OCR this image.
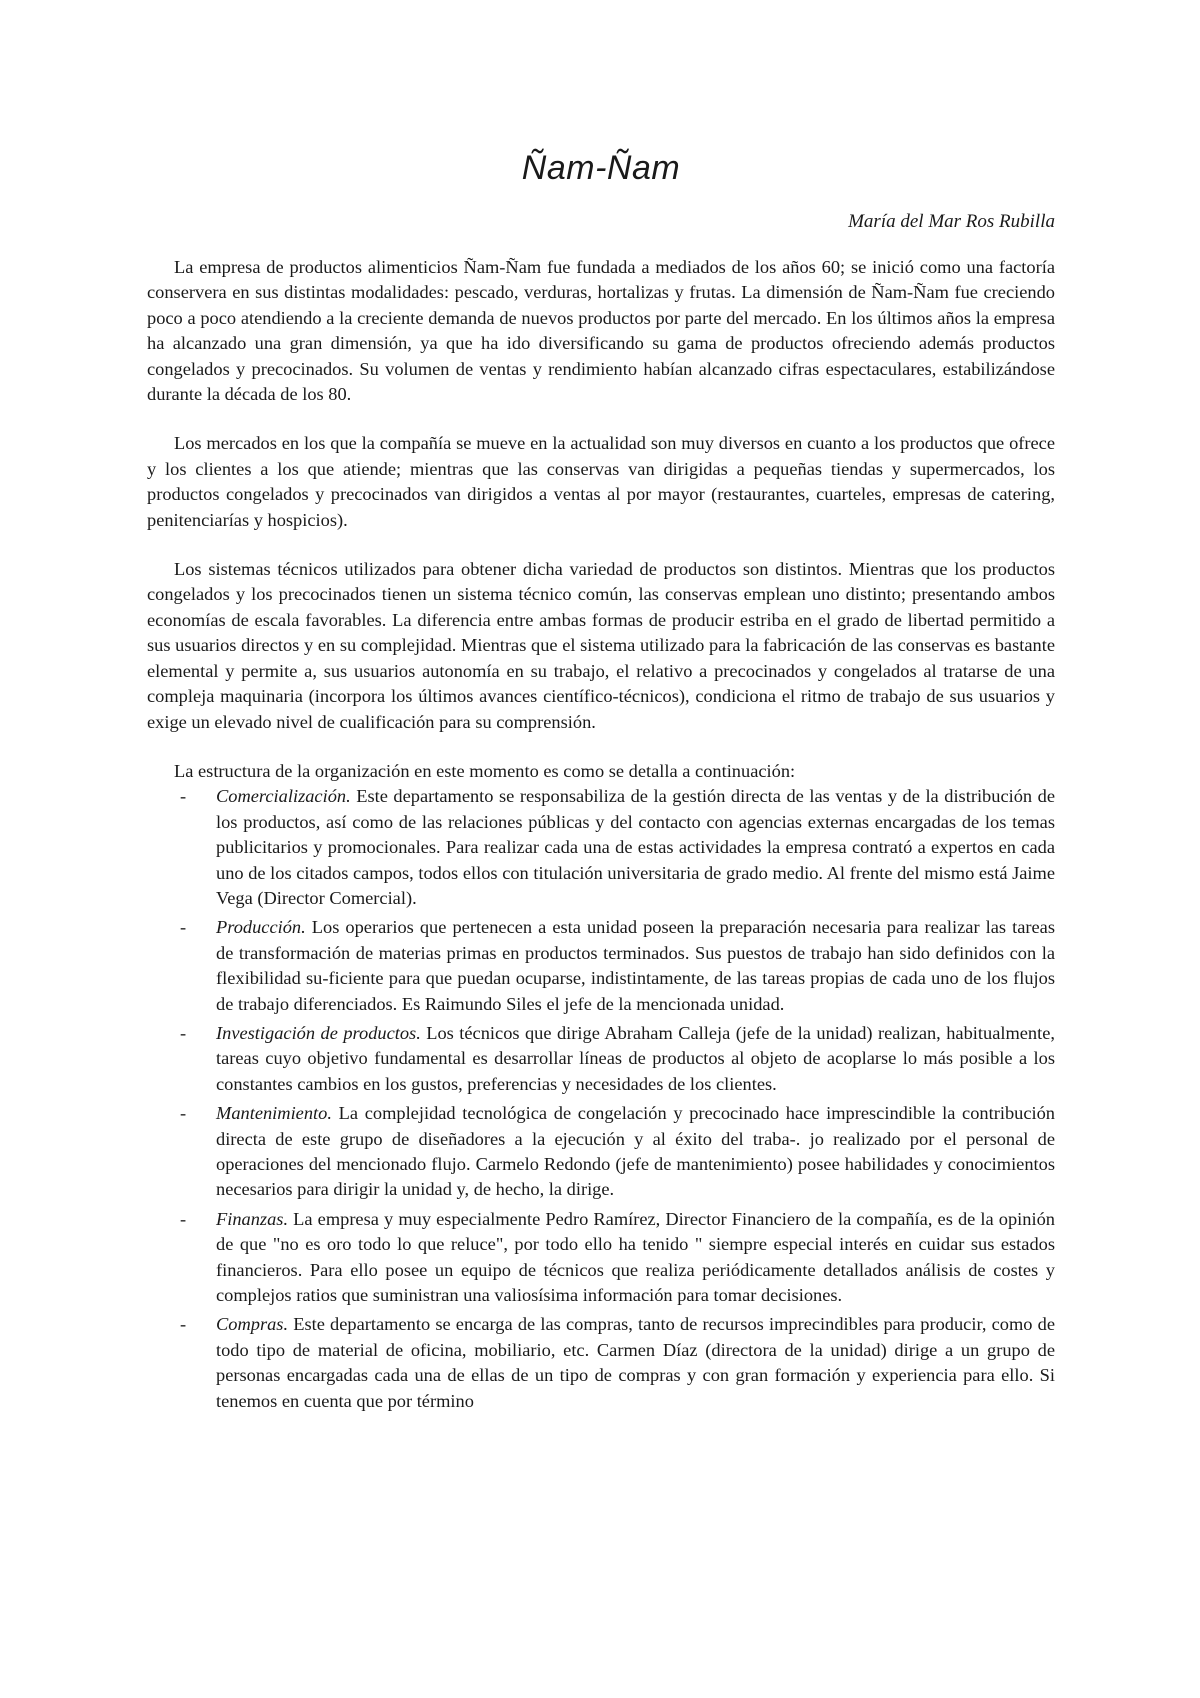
Ñam-Ñam
María del Mar Ros Rubilla

La empresa de productos alimenticios Ñam-Ñam fue fundada a mediados de los años 60; se inició como una factoría conservera en sus distintas modalidades: pescado, verduras, hortalizas y frutas. La dimensión de Ñam-Ñam fue creciendo poco a poco atendiendo a la creciente demanda de nuevos productos por parte del mercado. En los últimos años la empresa ha alcanzado una gran dimensión, ya que ha ido diversificando su gama de productos ofreciendo además productos congelados y precocinados. Su volumen de ventas y rendimiento habían alcanzado cifras espectaculares, estabilizándose durante la década de los 80.

Los mercados en los que la compañía se mueve en la actualidad son muy diversos en cuanto a los productos que ofrece y los clientes a los que atiende; mientras que las conservas van dirigidas a pequeñas tiendas y supermercados, los productos congelados y precocinados van dirigidos a ventas al por mayor (restaurantes, cuarteles, empresas de catering, penitenciarías y hospicios).

Los sistemas técnicos utilizados para obtener dicha variedad de productos son distintos. Mientras que los productos congelados y los precocinados tienen un sistema técnico común, las conservas emplean uno distinto; presentando ambos economías de escala favorables. La diferencia entre ambas formas de producir estriba en el grado de libertad permitido a sus usuarios directos y en su complejidad. Mientras que el sistema utilizado para la fabricación de las conservas es bastante elemental y permite a, sus usuarios autonomía en su trabajo, el relativo a precocinados y congelados al tratarse de una compleja maquinaria (incorpora los últimos avances científico-técnicos), condiciona el ritmo de trabajo de sus usuarios y exige un elevado nivel de cualificación para su comprensión.

La estructura de la organización en este momento es como se detalla a continuación:

- Comercialización. Este departamento se responsabiliza de la gestión directa de las ventas y de la distribución de los productos, así como de las relaciones públicas y del contacto con agencias externas encargadas de los temas publicitarios y promocionales. Para realizar cada una de estas actividades la empresa contrató a expertos en cada uno de los citados campos, todos ellos con titulación universitaria de grado medio. Al frente del mismo está Jaime Vega (Director Comercial).
- Producción. Los operarios que pertenecen a esta unidad poseen la preparación necesaria para realizar las tareas de transformación de materias primas en productos terminados. Sus puestos de trabajo han sido definidos con la flexibilidad su-ficiente para que puedan ocuparse, indistintamente, de las tareas propias de cada uno de los flujos de trabajo diferenciados. Es Raimundo Siles el jefe de la mencionada unidad.
- Investigación de productos. Los técnicos que dirige Abraham Calleja (jefe de la unidad) realizan, habitualmente, tareas cuyo objetivo fundamental es desarrollar líneas de productos al objeto de acoplarse lo más posible a los constantes cambios en los gustos, preferencias y necesidades de los clientes.
- Mantenimiento. La complejidad tecnológica de congelación y precocinado hace imprescindible la contribución directa de este grupo de diseñadores a la ejecución y al éxito del traba-. jo realizado por el personal de operaciones del mencionado flujo. Carmelo Redondo (jefe de mantenimiento) posee habilidades y conocimientos necesarios para dirigir la unidad y, de hecho, la dirige.
- Finanzas. La empresa y muy especialmente Pedro Ramírez, Director Financiero de la compañía, es de la opinión de que "no es oro todo lo que reluce", por todo ello ha tenido " siempre especial interés en cuidar sus estados financieros. Para ello posee un equipo de técnicos que realiza periódicamente detallados análisis de costes y complejos ratios que suministran una valiosísima información para tomar decisiones.
- Compras. Este departamento se encarga de las compras, tanto de recursos imprecindibles para producir, como de todo tipo de material de oficina, mobiliario, etc. Carmen Díaz (directora de la unidad) dirige a un grupo de personas encargadas cada una de ellas de un tipo de compras y con gran formación y experiencia para ello. Si tenemos en cuenta que por término
